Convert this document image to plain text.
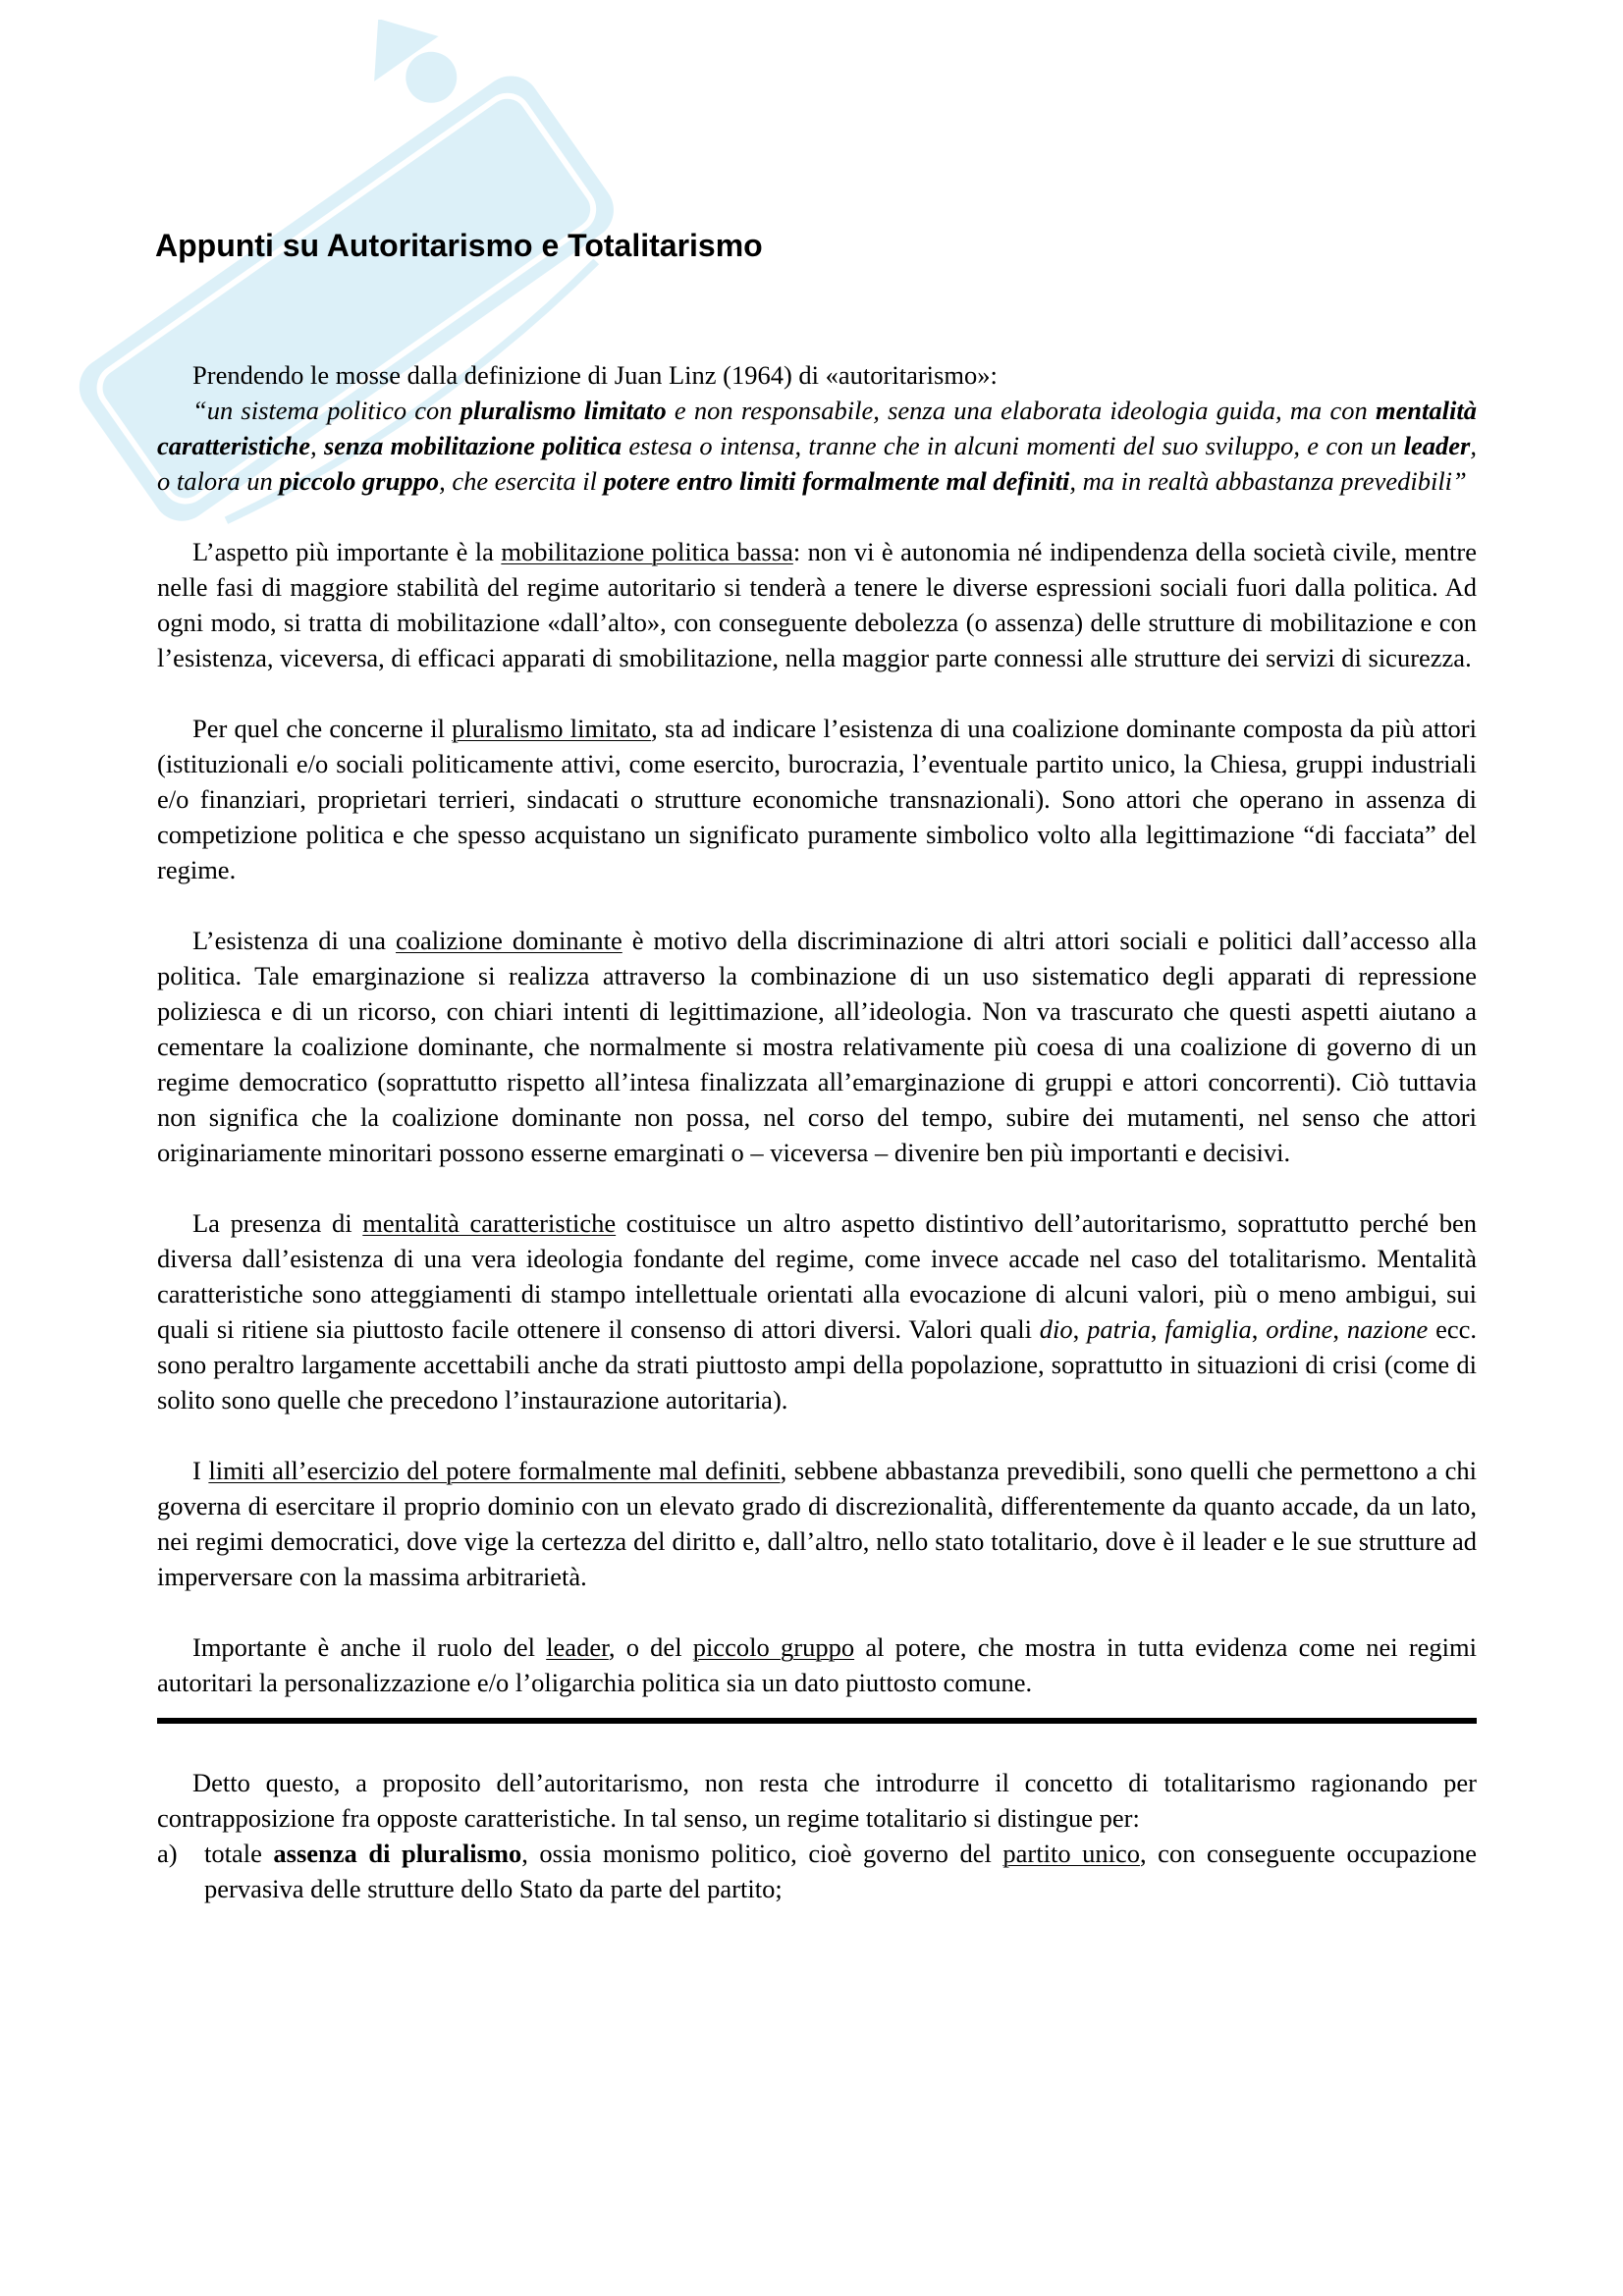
Appunti su Autoritarismo e Totalitarismo

Prendendo le mosse dalla definizione di Juan Linz (1964) di «autoritarismo»:

“un sistema politico con pluralismo limitato e non responsabile, senza una elaborata ideologia guida, ma con mentalità caratteristiche, senza mobilitazione politica estesa o intensa, tranne che in alcuni momenti del suo sviluppo, e con un leader, o talora un piccolo gruppo, che esercita il potere entro limiti formalmente mal definiti, ma in realtà abbastanza prevedibili”

L’aspetto più importante è la mobilitazione politica bassa: non vi è autonomia né indipendenza della società civile, mentre nelle fasi di maggiore stabilità del regime autoritario si tenderà a tenere le diverse espressioni sociali fuori dalla politica. Ad ogni modo, si tratta di mobilitazione «dall’alto», con conseguente debolezza (o assenza) delle strutture di mobilitazione e con l’esistenza, viceversa, di efficaci apparati di smobilitazione, nella maggior parte connessi alle strutture dei servizi di sicurezza.

Per quel che concerne il pluralismo limitato, sta ad indicare l’esistenza di una coalizione dominante composta da più attori (istituzionali e/o sociali politicamente attivi, come esercito, burocrazia, l’eventuale partito unico, la Chiesa, gruppi industriali e/o finanziari, proprietari terrieri, sindacati o strutture economiche transnazionali). Sono attori che operano in assenza di competizione politica e che spesso acquistano un significato puramente simbolico volto alla legittimazione “di facciata” del regime.

L’esistenza di una coalizione dominante è motivo della discriminazione di altri attori sociali e politici dall’accesso alla politica. Tale emarginazione si realizza attraverso la combinazione di un uso sistematico degli apparati di repressione poliziesca e di un ricorso, con chiari intenti di legittimazione, all’ideologia. Non va trascurato che questi aspetti aiutano a cementare la coalizione dominante, che normalmente si mostra relativamente più coesa di una coalizione di governo di un regime democratico (soprattutto rispetto all’intesa finalizzata all’emarginazione di gruppi e attori concorrenti). Ciò tuttavia non significa che la coalizione dominante non possa, nel corso del tempo, subire dei mutamenti, nel senso che attori originariamente minoritari possono esserne emarginati o – viceversa – divenire ben più importanti e decisivi.

La presenza di mentalità caratteristiche costituisce un altro aspetto distintivo dell’autoritarismo, soprattutto perché ben diversa dall’esistenza di una vera ideologia fondante del regime, come invece accade nel caso del totalitarismo. Mentalità caratteristiche sono atteggiamenti di stampo intellettuale orientati alla evocazione di alcuni valori, più o meno ambigui, sui quali si ritiene sia piuttosto facile ottenere il consenso di attori diversi. Valori quali dio, patria, famiglia, ordine, nazione ecc. sono peraltro largamente accettabili anche da strati piuttosto ampi della popolazione, soprattutto in situazioni di crisi (come di solito sono quelle che precedono l’instaurazione autoritaria).

I limiti all’esercizio del potere formalmente mal definiti, sebbene abbastanza prevedibili, sono quelli che permettono a chi governa di esercitare il proprio dominio con un elevato grado di discrezionalità, differentemente da quanto accade, da un lato, nei regimi democratici, dove vige la certezza del diritto e, dall’altro, nello stato totalitario, dove è il leader e le sue strutture ad imperversare con la massima arbitrarietà.

Importante è anche il ruolo del leader, o del piccolo gruppo al potere, che mostra in tutta evidenza come nei regimi autoritari la personalizzazione e/o l’oligarchia politica sia un dato piuttosto comune.

Detto questo, a proposito dell’autoritarismo, non resta che introdurre il concetto di totalitarismo ragionando per contrapposizione fra opposte caratteristiche. In tal senso, un regime totalitario si distingue per:

a) totale assenza di pluralismo, ossia monismo politico, cioè governo del partito unico, con conseguente occupazione pervasiva delle strutture dello Stato da parte del partito;
